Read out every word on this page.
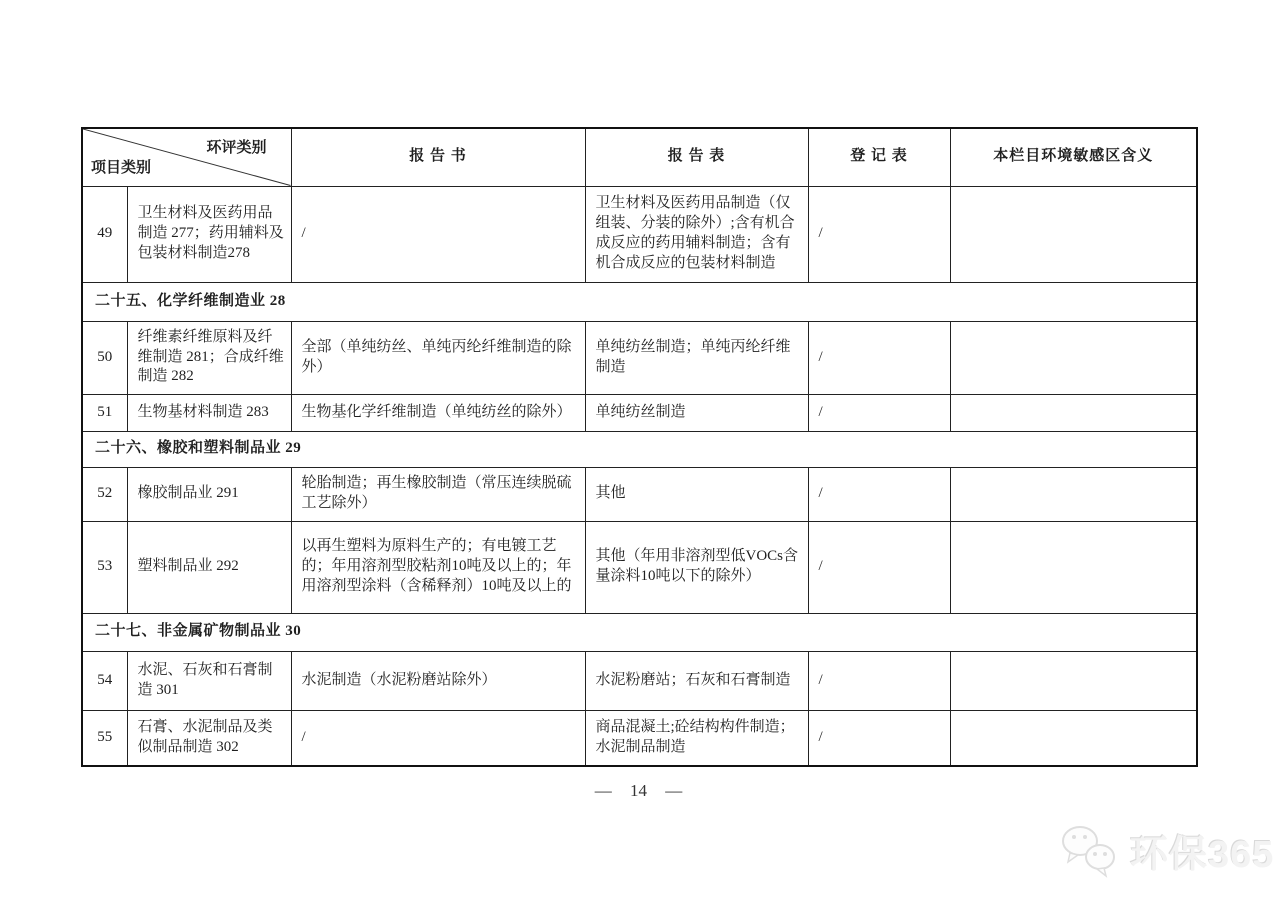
环评类别
项目类别		报 告 书	报 告 表	登 记 表	本栏目环境敏感区含义
49	卫生材料及医药用品制造 277；药用辅料及包装材料制造278	/	卫生材料及医药用品制造（仅组装、分装的除外）;含有机合成反应的药用辅料制造；含有机合成反应的包装材料制造	/	
二十五、化学纤维制造业 28					
50	纤维素纤维原料及纤维制造 281；合成纤维制造 282	全部（单纯纺丝、单纯丙纶纤维制造的除外）	单纯纺丝制造；单纯丙纶纤维制造	/	
51	生物基材料制造 283	生物基化学纤维制造（单纯纺丝的除外）	单纯纺丝制造	/	
二十六、橡胶和塑料制品业 29					
52	橡胶制品业 291	轮胎制造；再生橡胶制造（常压连续脱硫工艺除外）	其他	/	
53	塑料制品业 292	以再生塑料为原料生产的；有电镀工艺的；年用溶剂型胶粘剂10吨及以上的；年用溶剂型涂料（含稀释剂）10吨及以上的	其他（年用非溶剂型低VOCs含量涂料10吨以下的除外）	/	
二十七、非金属矿物制品业 30					
54	水泥、石灰和石膏制造 301	水泥制造（水泥粉磨站除外）	水泥粉磨站；石灰和石膏制造	/	
55	石膏、水泥制品及类似制品制造 302	/	商品混凝土;砼结构构件制造；水泥制品制造	/	
— 14 —
环保365
